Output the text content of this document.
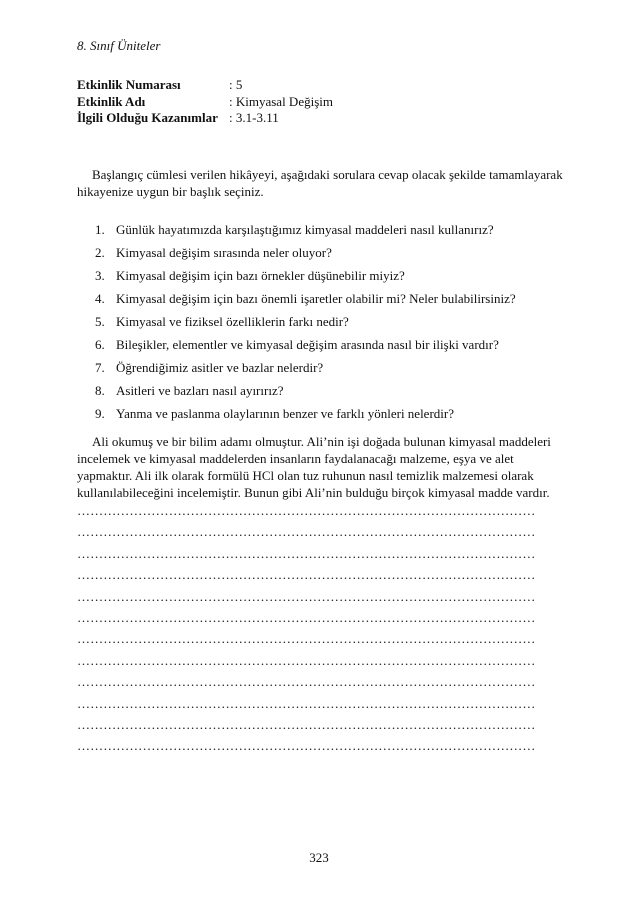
8. Sınıf Üniteler
Etkinlik Numarası	: 5
Etkinlik Adı	: Kimyasal Değişim
İlgili Olduğu Kazanımlar : 3.1-3.11

Başlangıç cümlesi verilen hikâyeyi, aşağıdaki sorulara cevap olacak şekilde tamamlayarak hikayenize uygun bir başlık seçiniz.

1. Günlük hayatımızda karşılaştığımız kimyasal maddeleri nasıl kullanırız?
2. Kimyasal değişim sırasında neler oluyor?
3. Kimyasal değişim için bazı örnekler düşünebilir miyiz?
4. Kimyasal değişim için bazı önemli işaretler olabilir mi? Neler bulabilirsiniz?
5. Kimyasal ve fiziksel özelliklerin farkı nedir?
6. Bileşikler, elementler ve kimyasal değişim arasında nasıl bir ilişki vardır?
7. Öğrendiğimiz asitler ve bazlar nelerdir?
8. Asitleri ve bazları nasıl ayırırız?
9. Yanma ve paslanma olaylarının benzer ve farklı yönleri nelerdir?

Ali okumuş ve bir bilim adamı olmuştur. Ali’nin işi doğada bulunan kimyasal maddeleri incelemek ve kimyasal maddelerden insanların faydalanacağı malzeme, eşya ve alet yapmaktır. Ali ilk olarak formülü HCl olan tuz ruhunun nasıl temizlik malzemesi olarak kullanılabileceğini incelemiştir. Bunun gibi Ali’nin bulduğu birçok kimyasal madde vardır.

……………………………………………………………………………………………
……………………………………………………………………………………………
……………………………………………………………………………………………
……………………………………………………………………………………………
……………………………………………………………………………………………
……………………………………………………………………………………………
……………………………………………………………………………………………
……………………………………………………………………………………………
……………………………………………………………………………………………
……………………………………………………………………………………………
……………………………………………………………………………………………
……………………………………………………………………………………………
323
